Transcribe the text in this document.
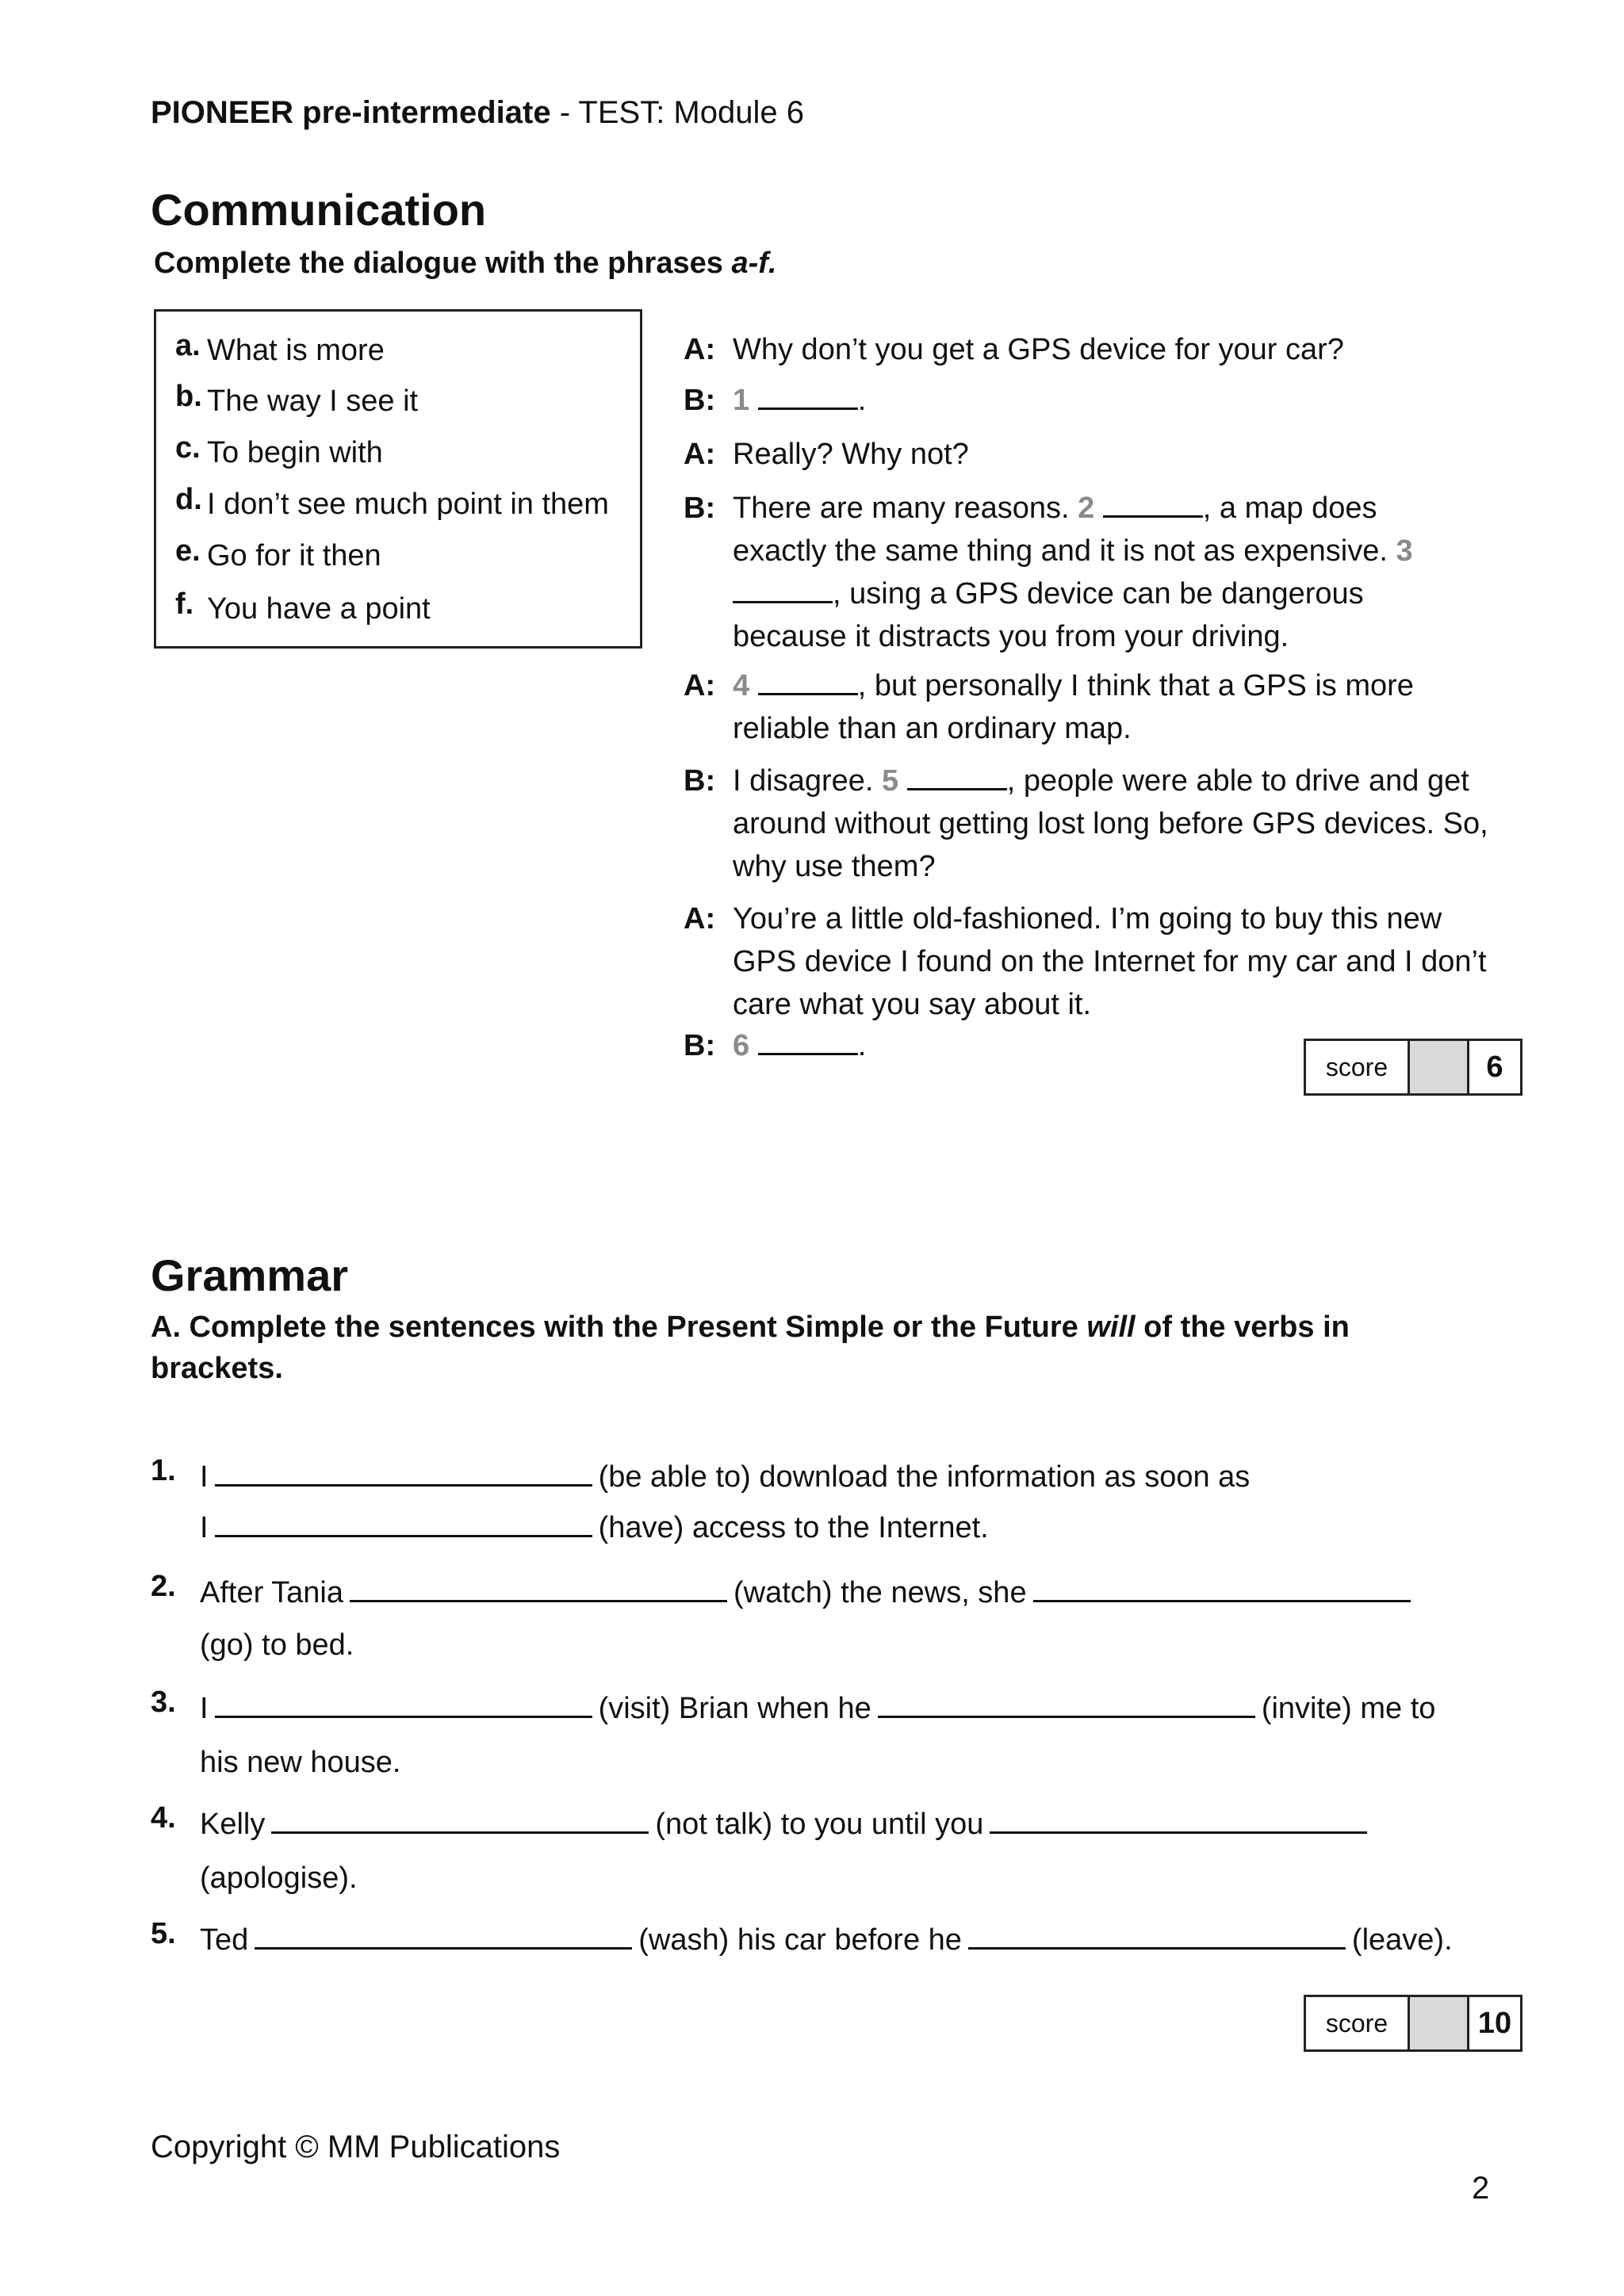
PIONEER pre-intermediate - TEST: Module 6
Communication
Complete the dialogue with the phrases a-f.
a. What is more
b. The way I see it
c. To begin with
d. I don’t see much point in them
e. Go for it then
f. You have a point
A: Why don’t you get a GPS device for your car?
B: 1	.
A: Really? Why not?
B: There are many reasons. 2	, a map does exactly the same thing and it is not as expensive. 3 , using a GPS device can be dangerous because it distracts you from your driving.
A: 4	, but personally I think that a GPS is more reliable than an ordinary map.
B: I disagree. 5	, people were able to drive and get around without getting lost long before GPS devices. So, why use them?
A: You’re a little old-fashioned. I’m going to buy this new GPS device I found on the Internet for my car and I don’t care what you say about it.
B: 6	.
score	6
Grammar
A. Complete the sentences with the Present Simple or the Future will of the verbs in brackets.
1. I	(be able to) download the information as soon as
I	(have) access to the Internet.
2. After Tania	(watch) the news, she
(go) to bed.
3. I	(visit) Brian when he	(invite) me to
his new house.
4. Kelly	(not talk) to you until you
(apologise).
5. Ted	(wash) his car before he	(leave).
score	10
Copyright © MM Publications
2
